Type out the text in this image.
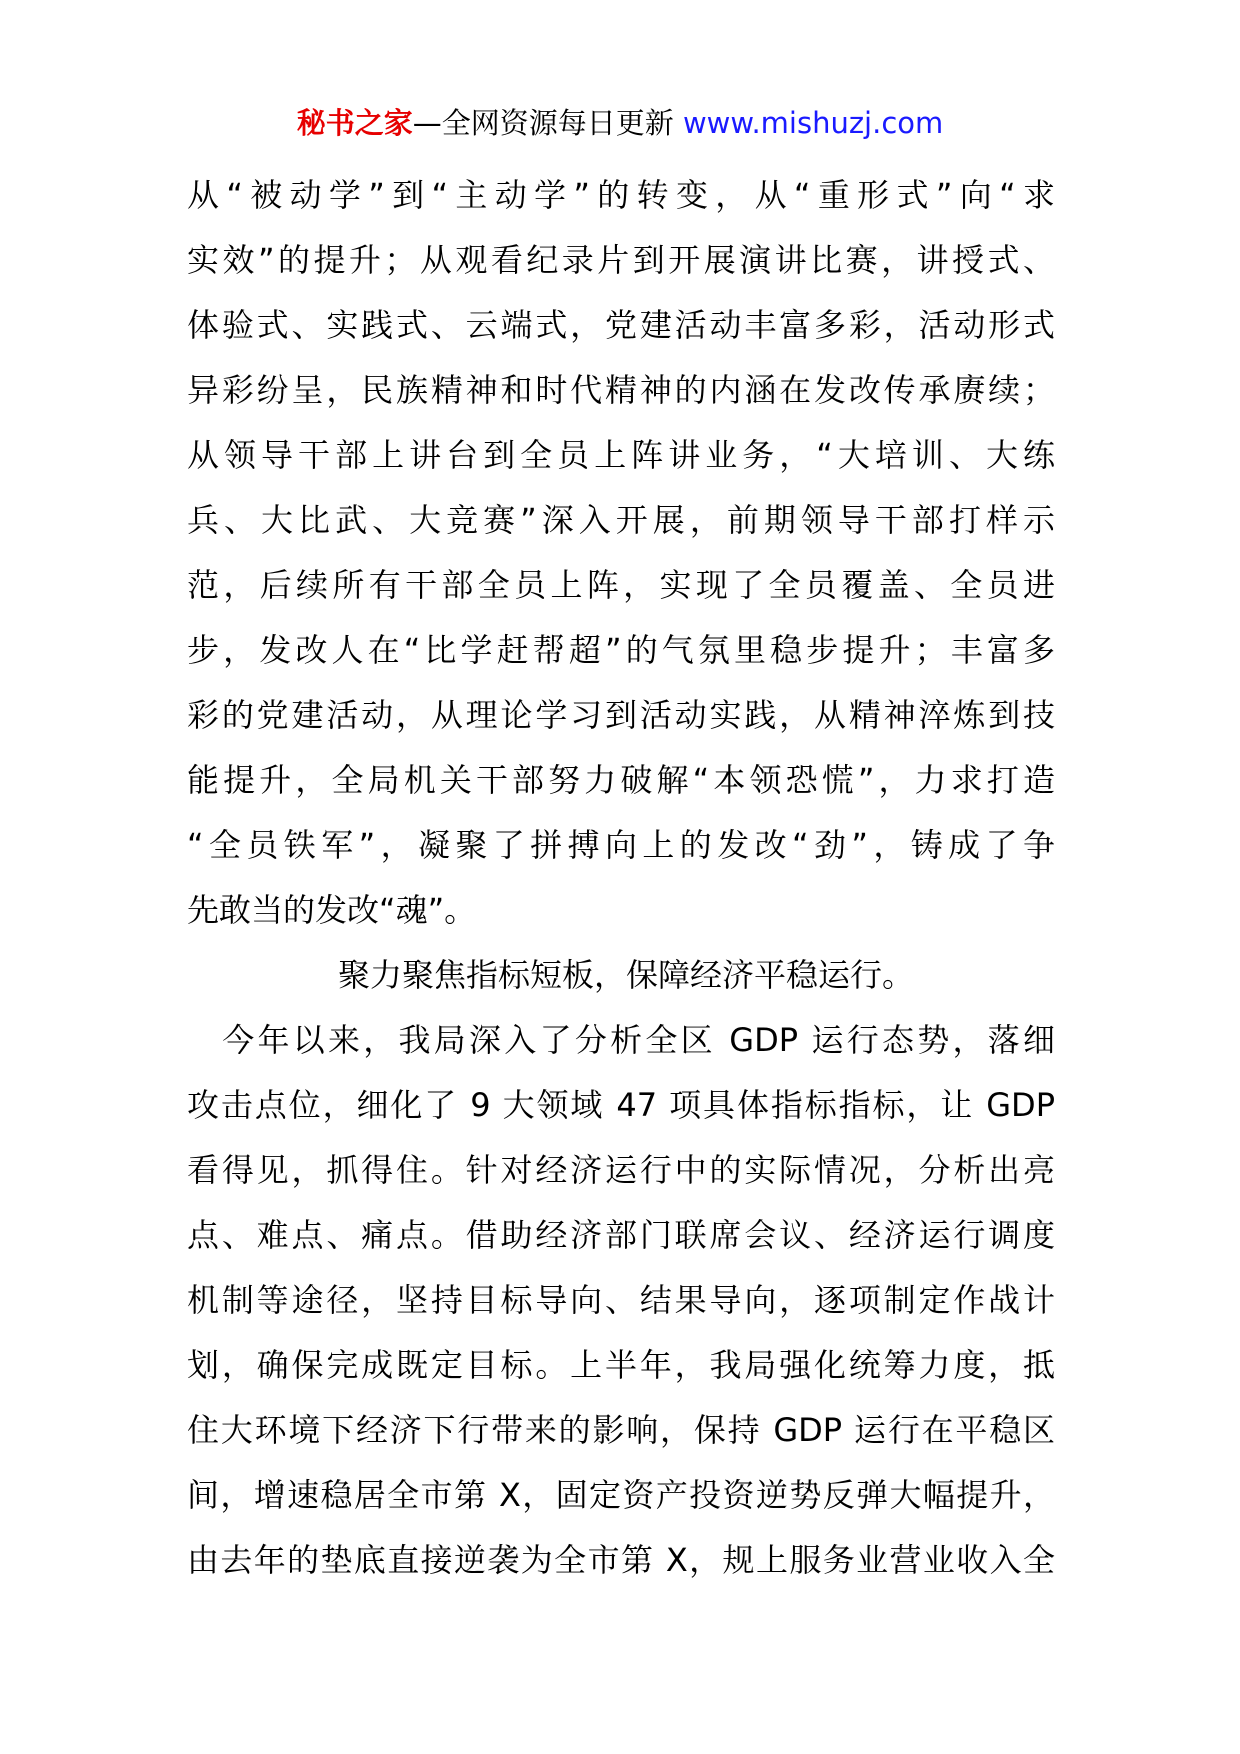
秘书之家—全网资源每日更新 www.mishuzj.com
从“被动学”到“主动学”的转变，从“重形式”向“求
实效”的提升；从观看纪录片到开展演讲比赛，讲授式、
体验式、实践式、云端式，党建活动丰富多彩，活动形式
异彩纷呈，民族精神和时代精神的内涵在发改传承赓续；
从领导干部上讲台到全员上阵讲业务，“大培训、大练
兵、大比武、大竞赛”深入开展，前期领导干部打样示
范，后续所有干部全员上阵，实现了全员覆盖、全员进
步，发改人在“比学赶帮超”的气氛里稳步提升；丰富多
彩的党建活动，从理论学习到活动实践，从精神淬炼到技
能提升，全局机关干部努力破解“本领恐慌”，力求打造
“全员铁军”，凝聚了拼搏向上的发改“劲”，铸成了争
先敢当的发改“魂”。
聚力聚焦指标短板，保障经济平稳运行。
　今年以来，我局深入了分析全区 GDP 运行态势，落细
攻击点位，细化了 9 大领域 47 项具体指标指标，让 GDP
看得见，抓得住。针对经济运行中的实际情况，分析出亮
点、难点、痛点。借助经济部门联席会议、经济运行调度
机制等途径，坚持目标导向、结果导向，逐项制定作战计
划，确保完成既定目标。上半年，我局强化统筹力度，抵
住大环境下经济下行带来的影响，保持 GDP 运行在平稳区
间，增速稳居全市第 X，固定资产投资逆势反弹大幅提升，
由去年的垫底直接逆袭为全市第 X，规上服务业营业收入全
